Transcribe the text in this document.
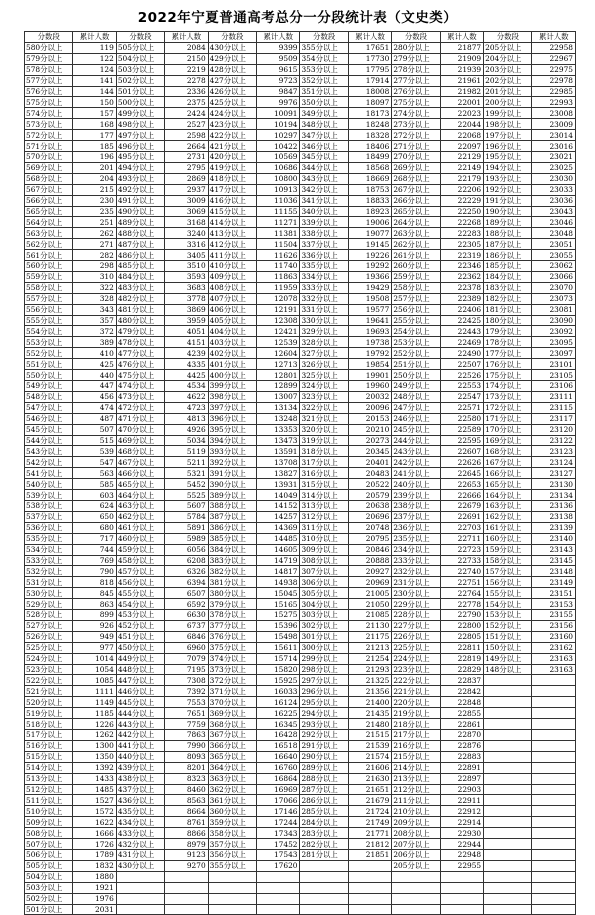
2022年宁夏普通高考总分一分段统计表（文史类）
分数段	累计人数	分数段	累计人数	分数段	累计人数	分数段	累计人数	分数段	累计人数	分数段	累计人数
580分以上	119	505分以上	2084	430分以上	9399	355分以上	17651	280分以上	21877	205分以上	22958
579分以上	122	504分以上	2150	429分以上	9509	354分以上	17730	279分以上	21909	204分以上	22967
578分以上	124	503分以上	2219	428分以上	9615	353分以上	17795	278分以上	21939	203分以上	22975
577分以上	141	502分以上	2278	427分以上	9723	352分以上	17914	277分以上	21961	202分以上	22978
576分以上	144	501分以上	2336	426分以上	9847	351分以上	18008	276分以上	21982	201分以上	22985
575分以上	150	500分以上	2375	425分以上	9976	350分以上	18097	275分以上	22001	200分以上	22993
574分以上	157	499分以上	2424	424分以上	10091	349分以上	18173	274分以上	22023	199分以上	23008
573分以上	168	498分以上	2527	423分以上	10194	348分以上	18248	273分以上	22044	198分以上	23009
572分以上	177	497分以上	2598	422分以上	10297	347分以上	18328	272分以上	22068	197分以上	23014
571分以上	185	496分以上	2664	421分以上	10422	346分以上	18406	271分以上	22097	196分以上	23016
570分以上	196	495分以上	2731	420分以上	10569	345分以上	18499	270分以上	22129	195分以上	23021
569分以上	201	494分以上	2795	419分以上	10686	344分以上	18568	269分以上	22149	194分以上	23025
568分以上	204	493分以上	2869	418分以上	10800	343分以上	18669	268分以上	22179	193分以上	23030
567分以上	215	492分以上	2937	417分以上	10913	342分以上	18753	267分以上	22206	192分以上	23033
566分以上	230	491分以上	3009	416分以上	11036	341分以上	18833	266分以上	22229	191分以上	23036
565分以上	235	490分以上	3069	415分以上	11155	340分以上	18923	265分以上	22250	190分以上	23043
564分以上	251	489分以上	3168	414分以上	11271	339分以上	19006	264分以上	22268	189分以上	23046
563分以上	262	488分以上	3240	413分以上	11381	338分以上	19077	263分以上	22283	188分以上	23048
562分以上	271	487分以上	3316	412分以上	11504	337分以上	19145	262分以上	22305	187分以上	23051
561分以上	282	486分以上	3405	411分以上	11626	336分以上	19226	261分以上	22319	186分以上	23055
560分以上	298	485分以上	3510	410分以上	11740	335分以上	19292	260分以上	22346	185分以上	23062
559分以上	310	484分以上	3593	409分以上	11863	334分以上	19366	259分以上	22362	184分以上	23066
558分以上	322	483分以上	3683	408分以上	11959	333分以上	19429	258分以上	22378	183分以上	23070
557分以上	328	482分以上	3778	407分以上	12078	332分以上	19508	257分以上	22389	182分以上	23073
556分以上	343	481分以上	3869	406分以上	12191	331分以上	19577	256分以上	22406	181分以上	23081
555分以上	357	480分以上	3959	405分以上	12308	330分以上	19641	255分以上	22425	180分以上	23090
554分以上	372	479分以上	4051	404分以上	12421	329分以上	19693	254分以上	22443	179分以上	23092
553分以上	389	478分以上	4151	403分以上	12539	328分以上	19738	253分以上	22469	178分以上	23095
552分以上	410	477分以上	4239	402分以上	12604	327分以上	19792	252分以上	22490	177分以上	23097
551分以上	425	476分以上	4335	401分以上	12713	326分以上	19854	251分以上	22507	176分以上	23101
550分以上	440	475分以上	4425	400分以上	12801	325分以上	19901	250分以上	22526	175分以上	23105
549分以上	447	474分以上	4534	399分以上	12899	324分以上	19960	249分以上	22553	174分以上	23106
548分以上	456	473分以上	4622	398分以上	13007	323分以上	20032	248分以上	22547	173分以上	23111
547分以上	474	472分以上	4723	397分以上	13134	322分以上	20096	247分以上	22571	172分以上	23115
546分以上	487	471分以上	4813	396分以上	13248	321分以上	20153	246分以上	22580	171分以上	23117
545分以上	507	470分以上	4926	395分以上	13353	320分以上	20210	245分以上	22589	170分以上	23120
544分以上	515	469分以上	5034	394分以上	13473	319分以上	20273	244分以上	22595	169分以上	23122
543分以上	539	468分以上	5119	393分以上	13591	318分以上	20345	243分以上	22607	168分以上	23123
542分以上	547	467分以上	5211	392分以上	13708	317分以上	20401	242分以上	22626	167分以上	23124
541分以上	563	466分以上	5321	391分以上	13827	316分以上	20483	241分以上	22645	166分以上	23127
540分以上	585	465分以上	5452	390分以上	13931	315分以上	20522	240分以上	22653	165分以上	23130
539分以上	603	464分以上	5525	389分以上	14049	314分以上	20579	239分以上	22666	164分以上	23134
538分以上	624	463分以上	5607	388分以上	14152	313分以上	20638	238分以上	22679	163分以上	23136
537分以上	650	462分以上	5784	387分以上	14257	312分以上	20696	237分以上	22691	162分以上	23138
536分以上	680	461分以上	5891	386分以上	14369	311分以上	20748	236分以上	22703	161分以上	23139
535分以上	717	460分以上	5989	385分以上	14485	310分以上	20795	235分以上	22711	160分以上	23140
534分以上	744	459分以上	6056	384分以上	14605	309分以上	20846	234分以上	22723	159分以上	23143
533分以上	769	458分以上	6208	383分以上	14719	308分以上	20888	233分以上	22733	158分以上	23145
532分以上	790	457分以上	6326	382分以上	14817	307分以上	20927	232分以上	22740	157分以上	23148
531分以上	818	456分以上	6394	381分以上	14938	306分以上	20969	231分以上	22751	156分以上	23149
530分以上	845	455分以上	6507	380分以上	15045	305分以上	21005	230分以上	22764	155分以上	23151
529分以上	863	454分以上	6592	379分以上	15165	304分以上	21050	229分以上	22778	154分以上	23153
528分以上	899	453分以上	6630	378分以上	15275	303分以上	21085	228分以上	22790	153分以上	23155
527分以上	926	452分以上	6737	377分以上	15396	302分以上	21130	227分以上	22800	152分以上	23156
526分以上	949	451分以上	6846	376分以上	15498	301分以上	21175	226分以上	22805	151分以上	23160
525分以上	977	450分以上	6960	375分以上	15611	300分以上	21213	225分以上	22811	150分以上	23162
524分以上	1014	449分以上	7079	374分以上	15714	299分以上	21254	224分以上	22819	149分以上	23163
523分以上	1054	448分以上	7195	373分以上	15820	298分以上	21293	223分以上	22829	148分以上	23163
522分以上	1085	447分以上	7308	372分以上	15925	297分以上	21325	222分以上	22837		
521分以上	1111	446分以上	7392	371分以上	16033	296分以上	21356	221分以上	22842		
520分以上	1149	445分以上	7553	370分以上	16124	295分以上	21400	220分以上	22848		
519分以上	1185	444分以上	7651	369分以上	16225	294分以上	21435	219分以上	22855		
518分以上	1226	443分以上	7759	368分以上	16345	293分以上	21480	218分以上	22861		
517分以上	1262	442分以上	7863	367分以上	16428	292分以上	21515	217分以上	22870		
516分以上	1300	441分以上	7990	366分以上	16518	291分以上	21539	216分以上	22876		
515分以上	1350	440分以上	8093	365分以上	16640	290分以上	21574	215分以上	22883		
514分以上	1392	439分以上	8201	364分以上	16760	289分以上	21606	214分以上	22891		
513分以上	1433	438分以上	8323	363分以上	16864	288分以上	21630	213分以上	22897		
512分以上	1485	437分以上	8460	362分以上	16969	287分以上	21651	212分以上	22903		
511分以上	1527	436分以上	8563	361分以上	17066	286分以上	21679	211分以上	22911		
510分以上	1572	435分以上	8664	360分以上	17146	285分以上	21724	210分以上	22912		
509分以上	1622	434分以上	8761	359分以上	17244	284分以上	21749	209分以上	22914		
508分以上	1666	433分以上	8866	358分以上	17343	283分以上	21771	208分以上	22930		
507分以上	1726	432分以上	8979	357分以上	17452	282分以上	21812	207分以上	22944		
506分以上	1789	431分以上	9123	356分以上	17543	281分以上	21851	206分以上	22948		
505分以上	1832	430分以上	9270	355分以上	17620			205分以上	22955		
504分以上	1880										
503分以上	1921										
502分以上	1976										
501分以上	2031										
